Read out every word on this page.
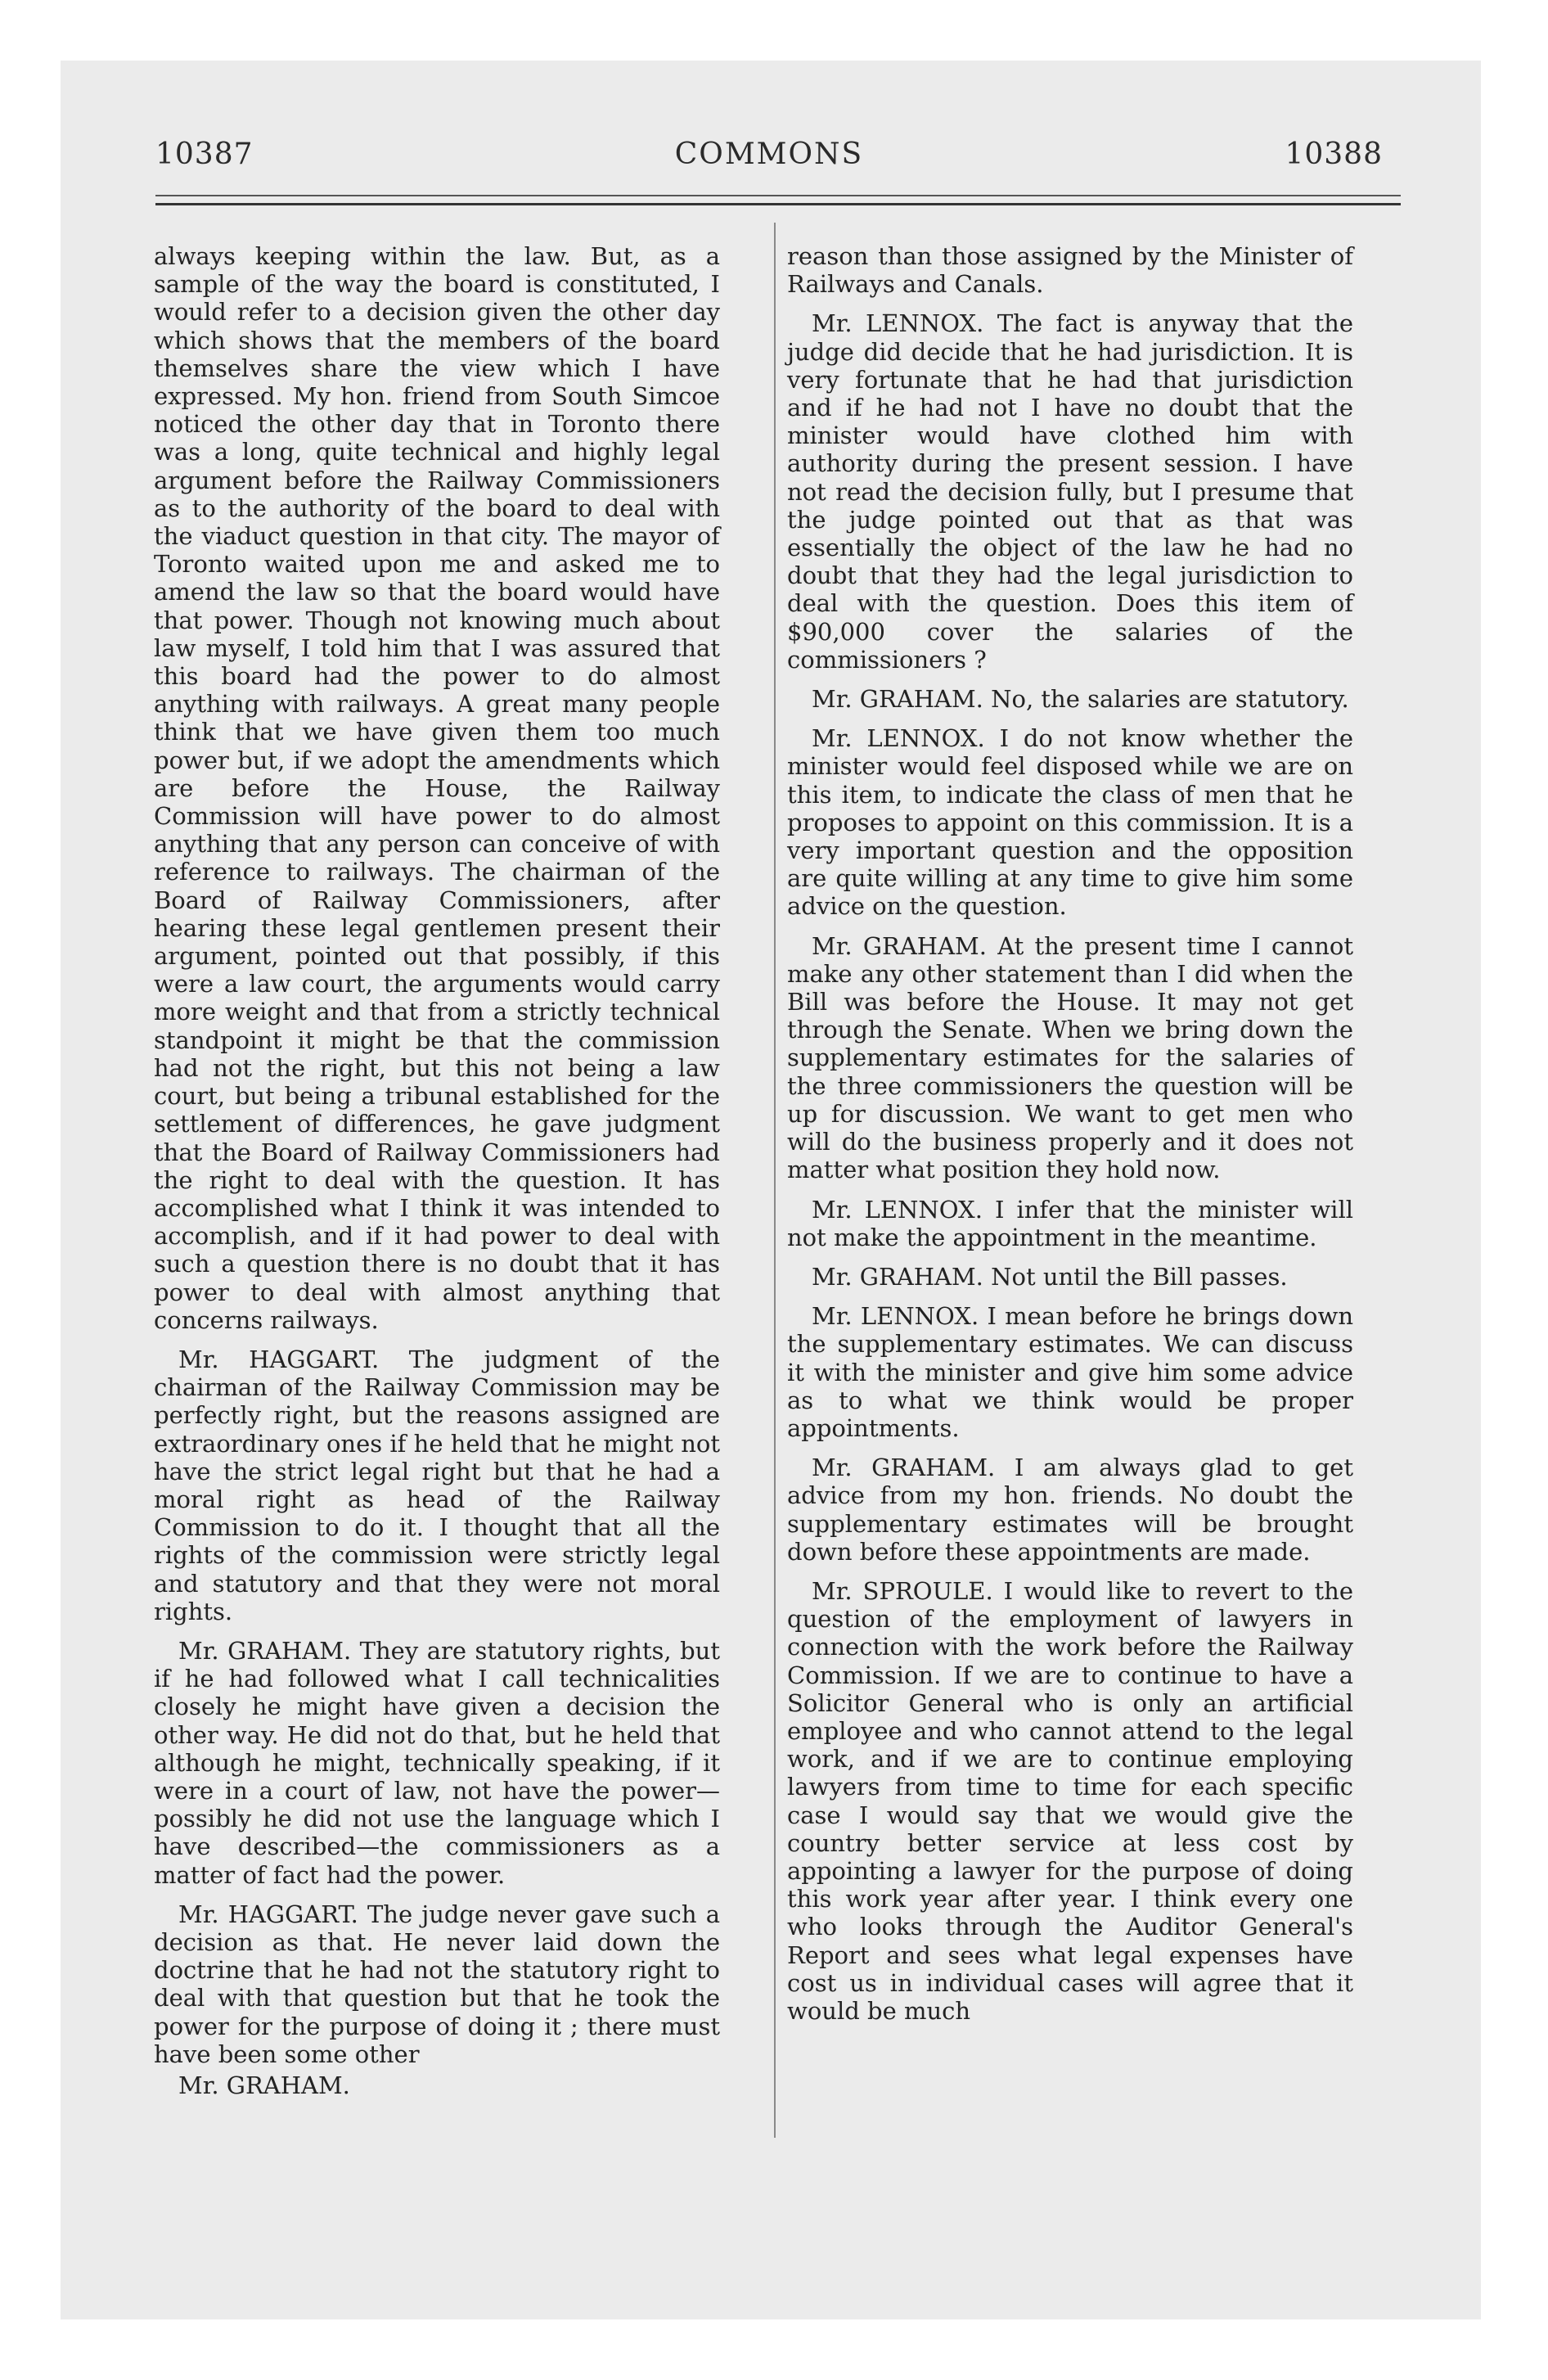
10387	COMMONS	10388

always keeping within the law. But, as a sample of the way the board is constituted, I would refer to a decision given the other day which shows that the members of the board themselves share the view which I have expressed. My hon. friend from South Simcoe noticed the other day that in Toronto there was a long, quite technical and highly legal argument before the Railway Commissioners as to the authority of the board to deal with the viaduct question in that city. The mayor of Toronto waited upon me and asked me to amend the law so that the board would have that power. Though not knowing much about law myself, I told him that I was assured that this board had the power to do almost anything with railways. A great many people think that we have given them too much power but, if we adopt the amendments which are before the House, the Railway Commission will have power to do almost anything that any person can conceive of with reference to railways. The chairman of the Board of Railway Commissioners, after hearing these legal gentlemen present their argument, pointed out that possibly, if this were a law court, the arguments would carry more weight and that from a strictly technical standpoint it might be that the commission had not the right, but this not being a law court, but being a tribunal established for the settlement of differences, he gave judgment that the Board of Railway Commissioners had the right to deal with the question. It has accomplished what I think it was intended to accomplish, and if it had power to deal with such a question there is no doubt that it has power to deal with almost anything that concerns railways.

Mr. HAGGART. The judgment of the chairman of the Railway Commission may be perfectly right, but the reasons assigned are extraordinary ones if he held that he might not have the strict legal right but that he had a moral right as head of the Railway Commission to do it. I thought that all the rights of the commission were strictly legal and statutory and that they were not moral rights.

Mr. GRAHAM. They are statutory rights, but if he had followed what I call technicalities closely he might have given a decision the other way. He did not do that, but he held that although he might, technically speaking, if it were in a court of law, not have the power—possibly he did not use the language which I have described—the commissioners as a matter of fact had the power.

Mr. HAGGART. The judge never gave such a decision as that. He never laid down the doctrine that he had not the statutory right to deal with that question but that he took the power for the purpose of doing it ; there must have been some other

Mr. GRAHAM.

reason than those assigned by the Minister of Railways and Canals.

Mr. LENNOX. The fact is anyway that the judge did decide that he had jurisdiction. It is very fortunate that he had that jurisdiction and if he had not I have no doubt that the minister would have clothed him with authority during the present session. I have not read the decision fully, but I presume that the judge pointed out that as that was essentially the object of the law he had no doubt that they had the legal jurisdiction to deal with the question. Does this item of $90,000 cover the salaries of the commissioners ?

Mr. GRAHAM. No, the salaries are statutory.

Mr. LENNOX. I do not know whether the minister would feel disposed while we are on this item, to indicate the class of men that he proposes to appoint on this commission. It is a very important question and the opposition are quite willing at any time to give him some advice on the question.

Mr. GRAHAM. At the present time I cannot make any other statement than I did when the Bill was before the House. It may not get through the Senate. When we bring down the supplementary estimates for the salaries of the three commissioners the question will be up for discussion. We want to get men who will do the business properly and it does not matter what position they hold now.

Mr. LENNOX. I infer that the minister will not make the appointment in the meantime.

Mr. GRAHAM. Not until the Bill passes.

Mr. LENNOX. I mean before he brings down the supplementary estimates. We can discuss it with the minister and give him some advice as to what we think would be proper appointments.

Mr. GRAHAM. I am always glad to get advice from my hon. friends. No doubt the supplementary estimates will be brought down before these appointments are made.

Mr. SPROULE. I would like to revert to the question of the employment of lawyers in connection with the work before the Railway Commission. If we are to continue to have a Solicitor General who is only an artificial employee and who cannot attend to the legal work, and if we are to continue employing lawyers from time to time for each specific case I would say that we would give the country better service at less cost by appointing a lawyer for the purpose of doing this work year after year. I think every one who looks through the Auditor General's Report and sees what legal expenses have cost us in individual cases will agree that it would be much
